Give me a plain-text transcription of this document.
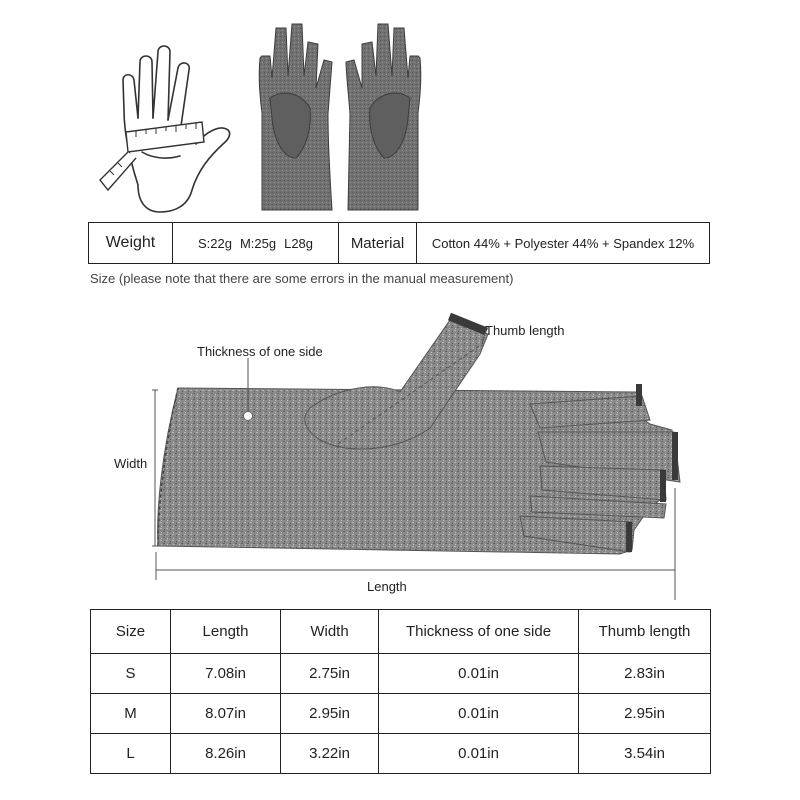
Weight	S:22g M:25g L28g	Material	Cotton 44% + Polyester 44% + Spandex 12%
Size (please note that there are some errors in the manual measurement)
Thumb length
Thickness of one side
Width
Length
Size	Length	Width	Thickness of one side	Thumb length
S	7.08in	2.75in	0.01in	2.83in
M	8.07in	2.95in	0.01in	2.95in
L	8.26in	3.22in	0.01in	3.54in
